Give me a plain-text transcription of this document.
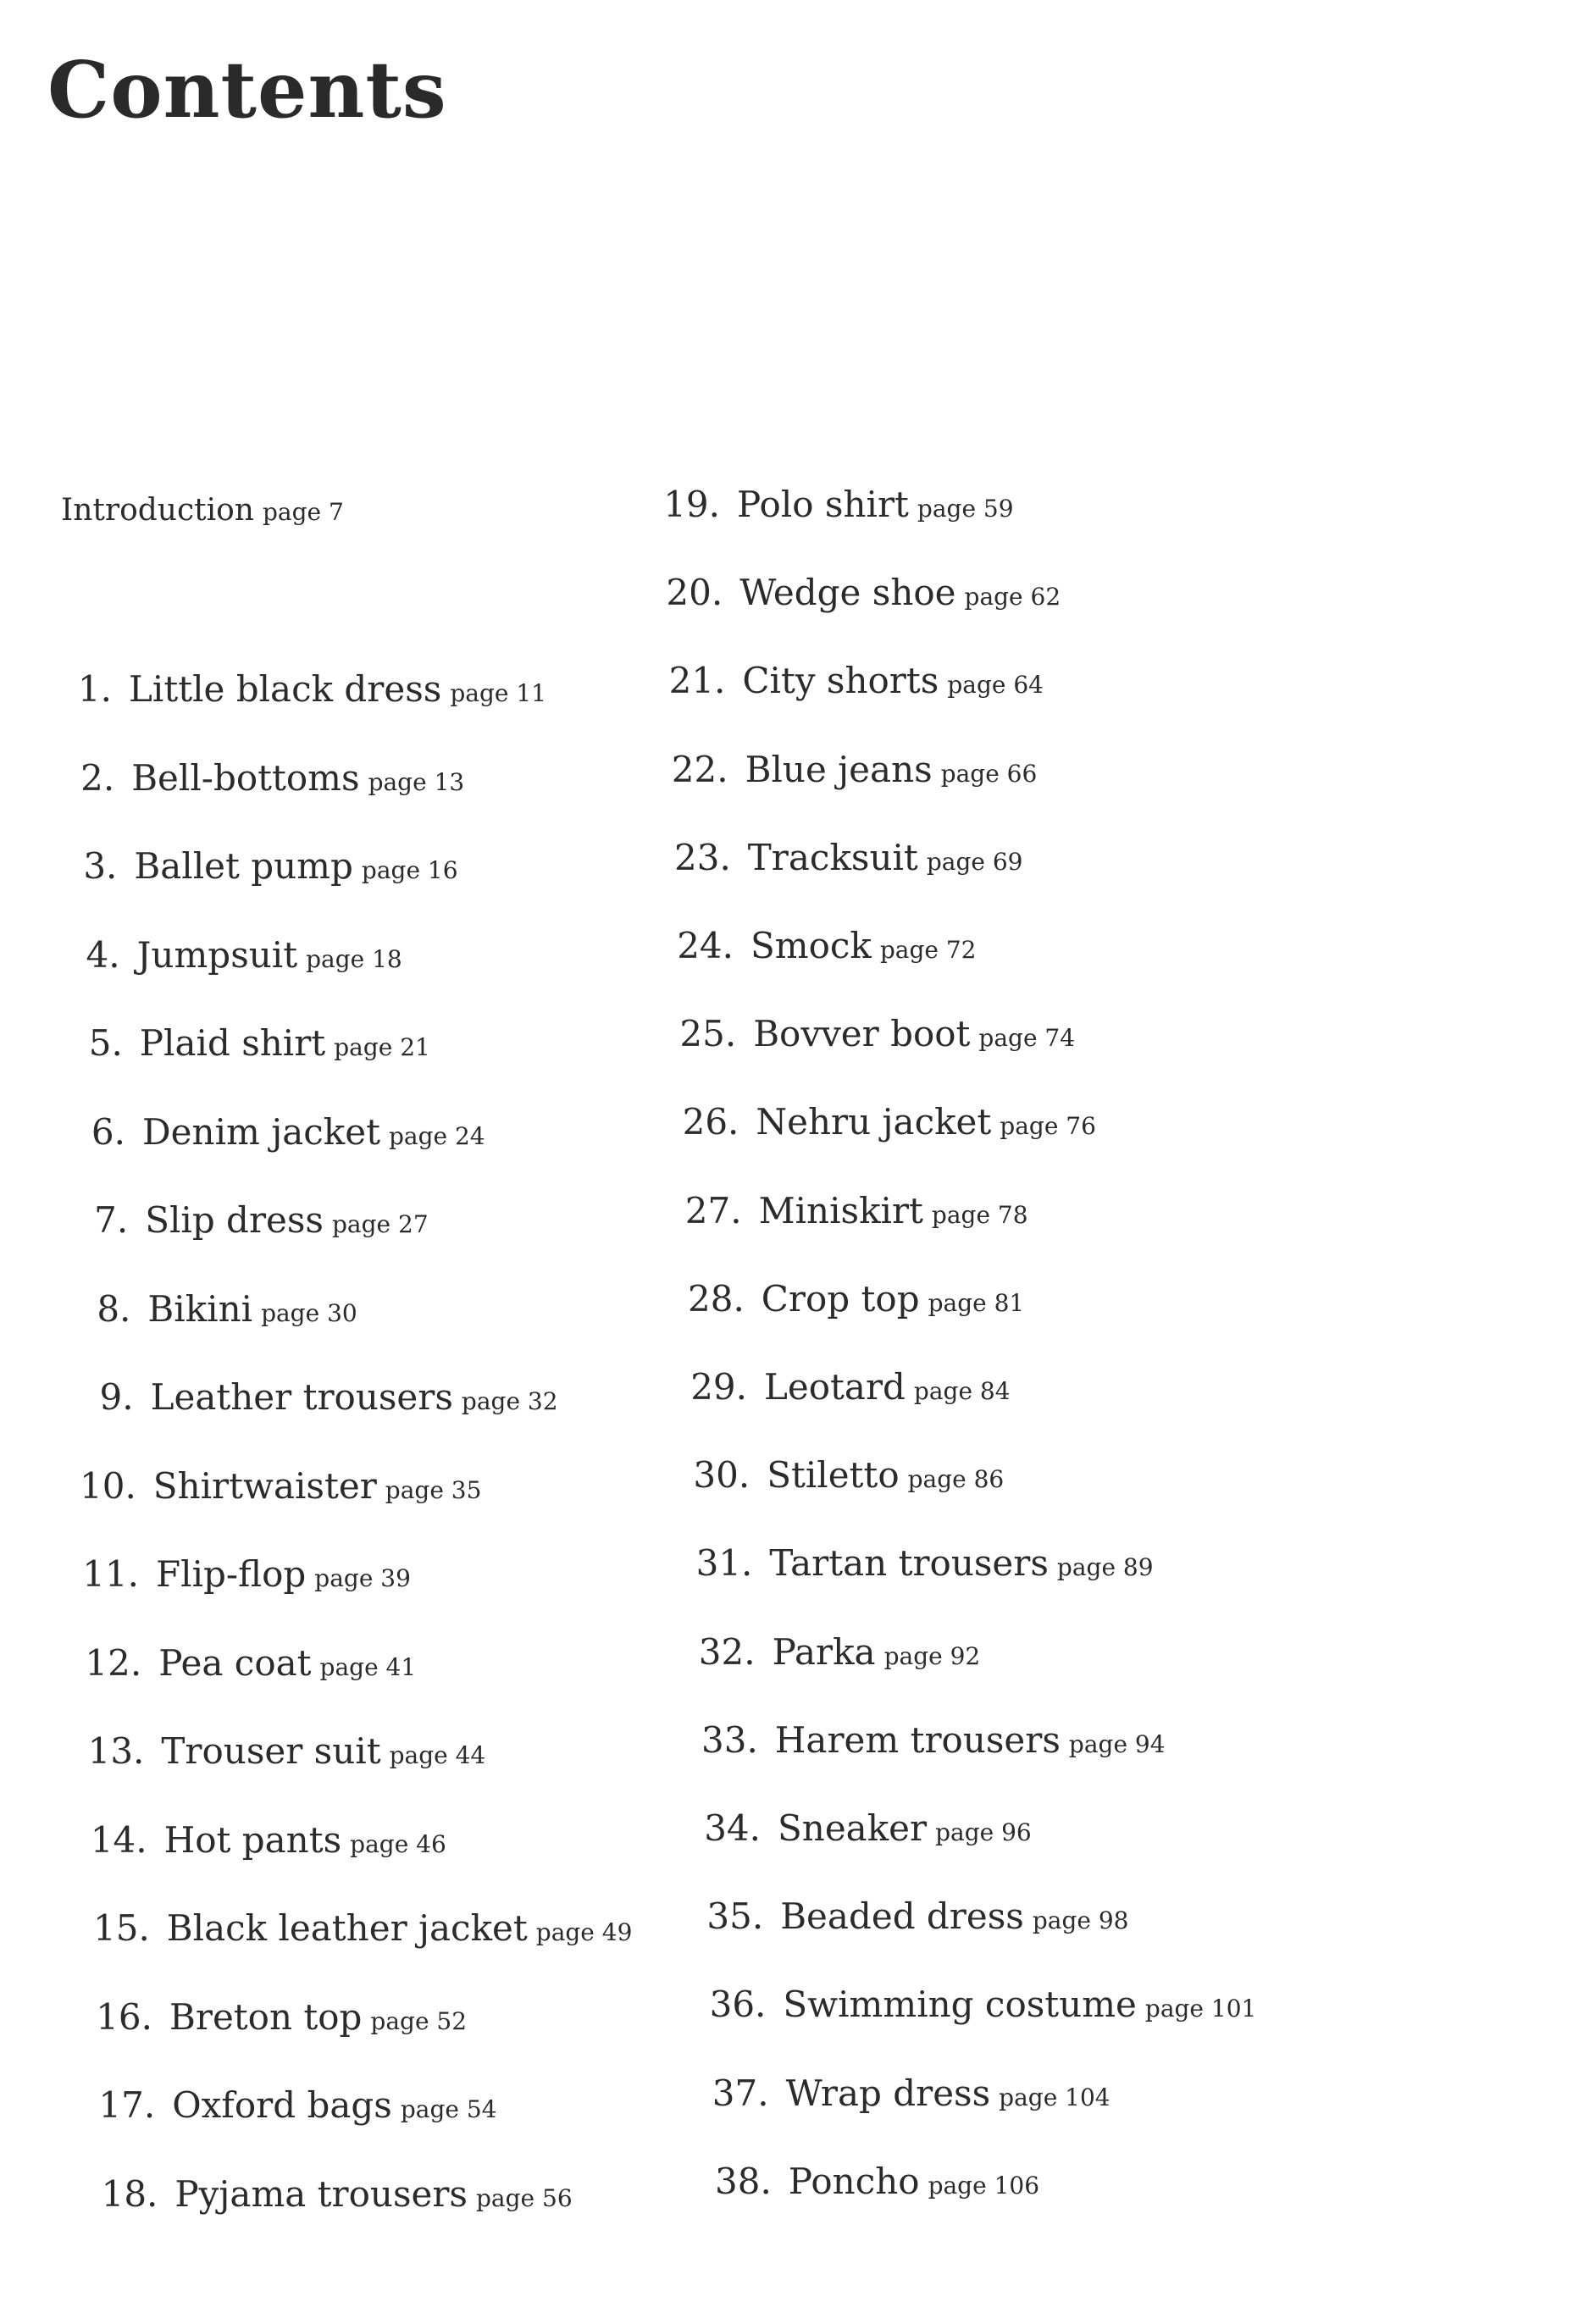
Contents
Introduction page 7
1. Little black dress page 11
2. Bell-bottoms page 13
3. Ballet pump page 16
4. Jumpsuit page 18
5. Plaid shirt page 21
6. Denim jacket page 24
7. Slip dress page 27
8. Bikini page 30
9. Leather trousers page 32
10. Shirtwaister page 35
11. Flip-flop page 39
12. Pea coat page 41
13. Trouser suit page 44
14. Hot pants page 46
15. Black leather jacket page 49
16. Breton top page 52
17. Oxford bags page 54
18. Pyjama trousers page 56
19. Polo shirt page 59
20. Wedge shoe page 62
21. City shorts page 64
22. Blue jeans page 66
23. Tracksuit page 69
24. Smock page 72
25. Bovver boot page 74
26. Nehru jacket page 76
27. Miniskirt page 78
28. Crop top page 81
29. Leotard page 84
30. Stiletto page 86
31. Tartan trousers page 89
32. Parka page 92
33. Harem trousers page 94
34. Sneaker page 96
35. Beaded dress page 98
36. Swimming costume page 101
37. Wrap dress page 104
38. Poncho page 106
